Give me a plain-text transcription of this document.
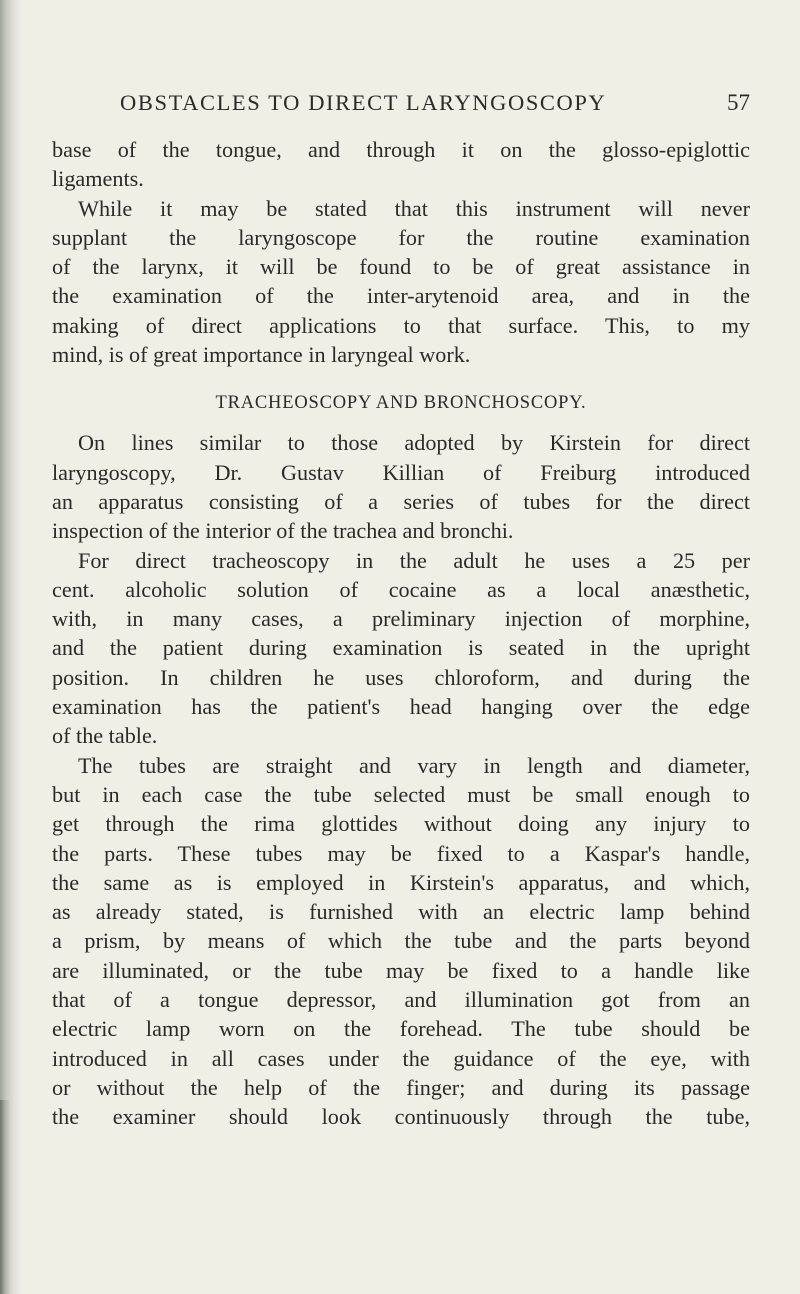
OBSTACLES TO DIRECT LARYNGOSCOPY	57

base of the tongue, and through it on the glosso-epiglottic
ligaments.

While it may be stated that this instrument will never
supplant the laryngoscope for the routine examination
of the larynx, it will be found to be of great assistance in
the examination of the inter-arytenoid area, and in the
making of direct applications to that surface. This, to my
mind, is of great importance in laryngeal work.

TRACHEOSCOPY AND BRONCHOSCOPY.

On lines similar to those adopted by Kirstein for direct
laryngoscopy, Dr. Gustav Killian of Freiburg introduced
an apparatus consisting of a series of tubes for the direct
inspection of the interior of the trachea and bronchi.

For direct tracheoscopy in the adult he uses a 25 per
cent. alcoholic solution of cocaine as a local anæsthetic,
with, in many cases, a preliminary injection of morphine,
and the patient during examination is seated in the upright
position. In children he uses chloroform, and during the
examination has the patient's head hanging over the edge
of the table.

The tubes are straight and vary in length and diameter,
but in each case the tube selected must be small enough to
get through the rima glottides without doing any injury to
the parts. These tubes may be fixed to a Kaspar's handle,
the same as is employed in Kirstein's apparatus, and which,
as already stated, is furnished with an electric lamp behind
a prism, by means of which the tube and the parts beyond
are illuminated, or the tube may be fixed to a handle like
that of a tongue depressor, and illumination got from an
electric lamp worn on the forehead. The tube should be
introduced in all cases under the guidance of the eye, with
or without the help of the finger; and during its passage
the examiner should look continuously through the tube,
